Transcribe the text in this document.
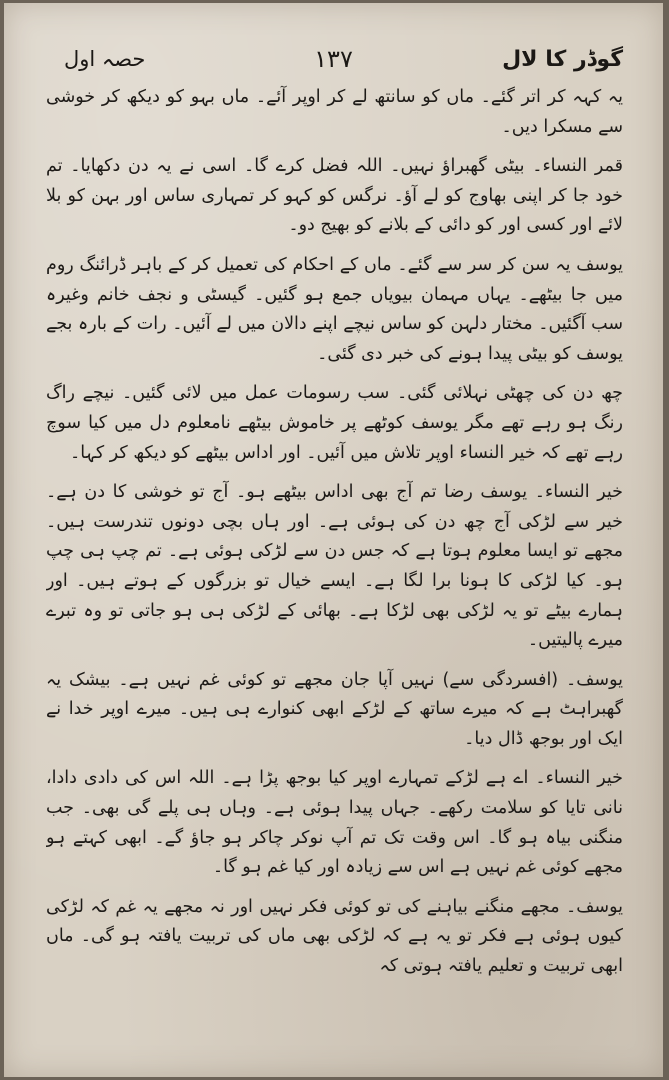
گوڈر کا لال
۱۳۷
حصہ اول

یہ کہہ کر اتر گئے۔ ماں کو سانتھ لے کر اوپر آئے۔ ماں بہو کو دیکھ کر خوشی سے مسکرا دیں۔

قمر النساء۔ بیٹی گھبراؤ نہیں۔ اللہ فضل کرے گا۔ اسی نے یہ دن دکھایا۔ تم خود جا کر اپنی بھاوج کو لے آؤ۔ نرگس کو کہو کر تمہاری ساس اور بہن کو بلا لائے اور کسی اور کو دائی کے بلانے کو بھیج دو۔

یوسف یہ سن کر سر سے گئے۔ ماں کے احکام کی تعمیل کر کے باہر ڈرائنگ روم میں جا بیٹھے۔ یہاں مہمان بیویاں جمع ہو گئیں۔ گیسٹی و نجف خانم وغیرہ سب آگئیں۔ مختار دلہن کو ساس نیچے اپنے دالان میں لے آئیں۔ رات کے بارہ بجے یوسف کو بیٹی پیدا ہونے کی خبر دی گئی۔

چھ دن کی چھٹی نہلائی گئی۔ سب رسومات عمل میں لائی گئیں۔ نیچے راگ رنگ ہو رہے تھے مگر یوسف کوٹھے پر خاموش بیٹھے نامعلوم دل میں کیا سوچ رہے تھے کہ خیر النساء اوپر تلاش میں آئیں۔ اور اداس بیٹھے کو دیکھ کر کہا۔

خیر النساء۔ یوسف رضا تم آج بھی اداس بیٹھے ہو۔ آج تو خوشی کا دن ہے۔ خیر سے لڑکی آج چھ دن کی ہوئی ہے۔ اور ہاں بچی دونوں تندرست ہیں۔ مجھے تو ایسا معلوم ہوتا ہے کہ جس دن سے لڑکی ہوئی ہے۔ تم چپ ہی چپ ہو۔ کیا لڑکی کا ہونا برا لگا ہے۔ ایسے خیال تو بزرگوں کے ہوتے ہیں۔ اور ہمارے بیٹے تو یہ لڑکی بھی لڑکا ہے۔ بھائی کے لڑکی ہی ہو جاتی تو وہ تبرے میرے پالیتیں۔

یوسف۔ (افسردگی سے) نہیں آپا جان مجھے تو کوئی غم نہیں ہے۔ بیشک یہ گھبراہٹ ہے کہ میرے ساتھ کے لڑکے ابھی کنوارے ہی ہیں۔ میرے اوپر خدا نے ایک اور بوجھ ڈال دیا۔

خیر النساء۔ اے ہے لڑکے تمہارے اوپر کیا بوجھ پڑا ہے۔ اللہ اس کی دادی دادا، نانی تایا کو سلامت رکھے۔ جہاں پیدا ہوئی ہے۔ وہاں ہی پلے گی بھی۔ جب منگنی بیاہ ہو گا۔ اس وقت تک تم آپ نوکر چاکر ہو جاؤ گے۔ ابھی کہتے ہو مجھے کوئی غم نہیں ہے اس سے زیادہ اور کیا غم ہو گا۔

یوسف۔ مجھے منگنے بیاہنے کی تو کوئی فکر نہیں اور نہ مجھے یہ غم کہ لڑکی کیوں ہوئی ہے فکر تو یہ ہے کہ لڑکی بھی ماں کی تربیت یافتہ ہو گی۔ ماں ابھی تربیت و تعلیم یافتہ ہوتی کہ
